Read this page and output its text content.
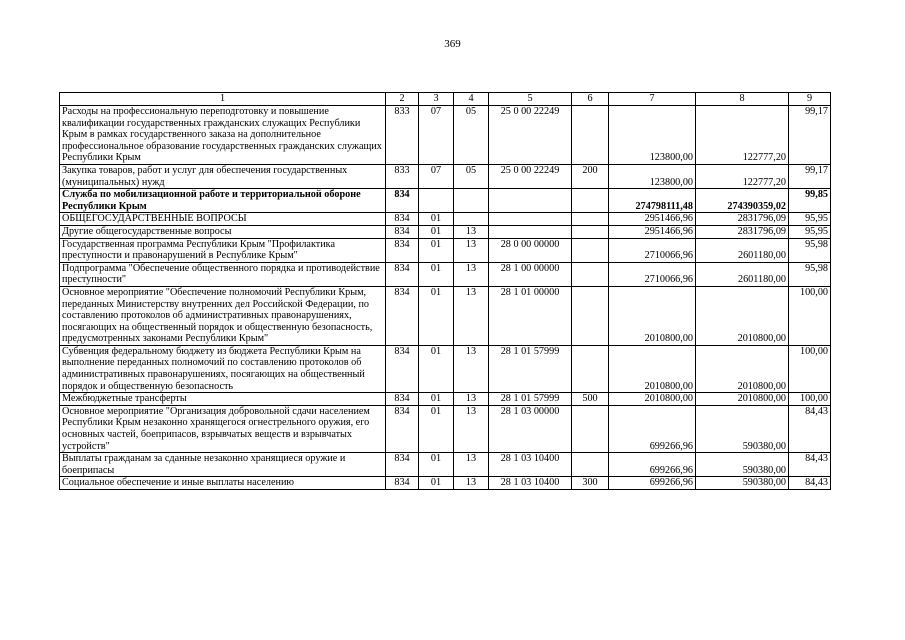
369
1	2	3	4	5	6	7	8	9
Расходы на профессиональную переподготовку и повышение квалификации государственных гражданских служащих Республики Крым в рамках государственного заказа на дополнительное профессиональное образование государственных гражданских служащих Республики Крым	833	07	05	25 0 00 22249		123800,00	122777,20	99,17
Закупка товаров, работ и услуг для обеспечения государственных (муниципальных) нужд	833	07	05	25 0 00 22249	200	123800,00	122777,20	99,17
Служба по мобилизационной работе и территориальной обороне Республики Крым	834					274798111,48	274390359,02	99,85
ОБЩЕГОСУДАРСТВЕННЫЕ ВОПРОСЫ	834	01				2951466,96	2831796,09	95,95
Другие общегосударственные вопросы	834	01	13			2951466,96	2831796,09	95,95
Государственная программа Республики Крым "Профилактика преступности и правонарушений в Республике Крым"	834	01	13	28 0 00 00000		2710066,96	2601180,00	95,98
Подпрограмма "Обеспечение общественного порядка и противодействие преступности"	834	01	13	28 1 00 00000		2710066,96	2601180,00	95,98
Основное мероприятие "Обеспечение полномочий Республики Крым, переданных Министерству внутренних дел Российской Федерации, по составлению протоколов об административных правонарушениях, посягающих на общественный порядок и общественную безопасность, предусмотренных законами Республики Крым"	834	01	13	28 1 01 00000		2010800,00	2010800,00	100,00
Субвенция федеральному бюджету из бюджета Республики Крым на выполнение переданных полномочий по составлению протоколов об административных правонарушениях, посягающих на общественный порядок и общественную безопасность	834	01	13	28 1 01 57999		2010800,00	2010800,00	100,00
Межбюджетные трансферты	834	01	13	28 1 01 57999	500	2010800,00	2010800,00	100,00
Основное мероприятие "Организация добровольной сдачи населением Республики Крым незаконно хранящегося огнестрельного оружия, его основных частей, боеприпасов, взрывчатых веществ и взрывчатых устройств"	834	01	13	28 1 03 00000		699266,96	590380,00	84,43
Выплаты гражданам за сданные незаконно хранящиеся оружие и боеприпасы	834	01	13	28 1 03 10400		699266,96	590380,00	84,43
Социальное обеспечение и иные выплаты населению	834	01	13	28 1 03 10400	300	699266,96	590380,00	84,43
